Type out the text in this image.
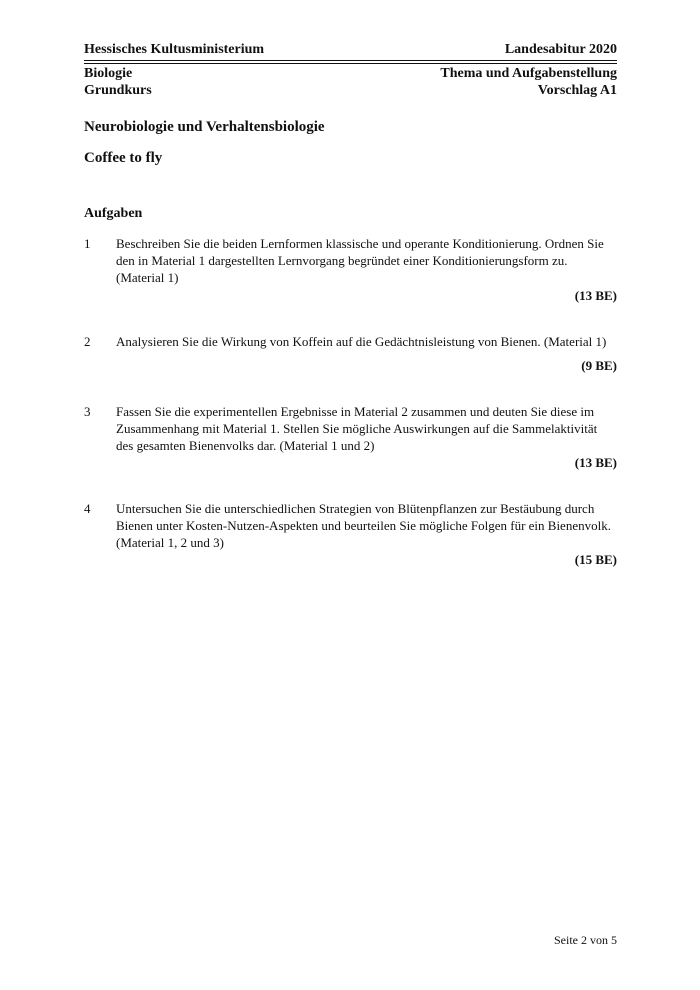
Hessisches Kultusministerium	Landesabitur 2020
Biologie
Grundkurs
Thema und Aufgabenstellung
Vorschlag A1
Neurobiologie und Verhaltensbiologie
Coffee to fly
Aufgaben
1	Beschreiben Sie die beiden Lernformen klassische und operante Konditionierung. Ordnen Sie
den in Material 1 dargestellten Lernvorgang begründet einer Konditionierungsform zu.
(Material 1)
(13 BE)
2	Analysieren Sie die Wirkung von Koffein auf die Gedächtnisleistung von Bienen. (Material 1)
(9 BE)
3	Fassen Sie die experimentellen Ergebnisse in Material 2 zusammen und deuten Sie diese im
Zusammenhang mit Material 1. Stellen Sie mögliche Auswirkungen auf die Sammelaktivität
des gesamten Bienenvolks dar. (Material 1 und 2)
(13 BE)
4	Untersuchen Sie die unterschiedlichen Strategien von Blütenpflanzen zur Bestäubung durch
Bienen unter Kosten-Nutzen-Aspekten und beurteilen Sie mögliche Folgen für ein Bienenvolk.
(Material 1, 2 und 3)
(15 BE)
Seite 2 von 5
